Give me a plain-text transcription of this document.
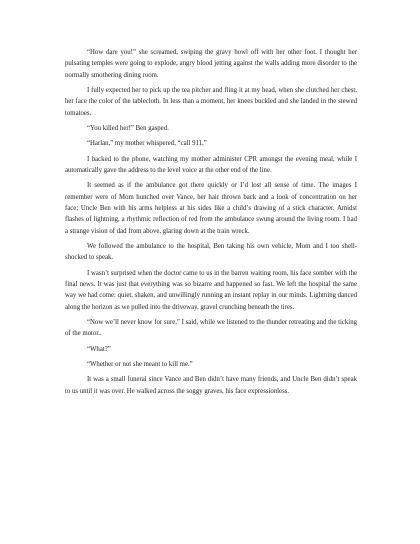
“How dare you!” she screamed, swiping the gravy bowl off with her other foot. I thought her pulsating temples were going to explode, angry blood jetting against the walls adding more disorder to the normally smothering dining room.

I fully expected her to pick up the tea pitcher and fling it at my head, when she clutched her chest, her face the color of the tablecloth. In less than a moment, her knees buckled and she landed in the stewed tomatoes.

“You killed her!” Ben gasped.

“Harlan,” my mother whispered, “call 911.”

I backed to the phone, watching my mother administer CPR amongst the evening meal, while I automatically gave the address to the level voice at the other end of the line.

It seemed as if the ambulance got there quickly or I’d lost all sense of time. The images I remember were of Mom hunched over Vance, her hair thrown back and a look of concentration on her face; Uncle Ben with his arms helpless at his sides like a child’s drawing of a stick character. Amidst flashes of lightning, a rhythmic reflection of red from the ambulance swung around the living room. I had a strange vision of dad from above, glaring down at the train wreck.

We followed the ambulance to the hospital, Ben taking his own vehicle, Mom and I too shell-shocked to speak.

I wasn’t surprised when the doctor came to us in the barren waiting room, his face somber with the final news. It was just that everything was so bizarre and happened so fast. We left the hospital the same way we had come: quiet, shaken, and unwillingly running an instant replay in our minds. Lightning danced along the horizon as we pulled into the driveway, gravel crunching beneath the tires.

“Now we’ll never know for sure,” I said, while we listened to the thunder retreating and the ticking of the motor..

“What?”

“Whether or not she meant to kill me.”

It was a small funeral since Vance and Ben didn’t have many friends, and Uncle Ben didn’t speak to us until it was over. He walked across the soggy graves, his face expressionless.
